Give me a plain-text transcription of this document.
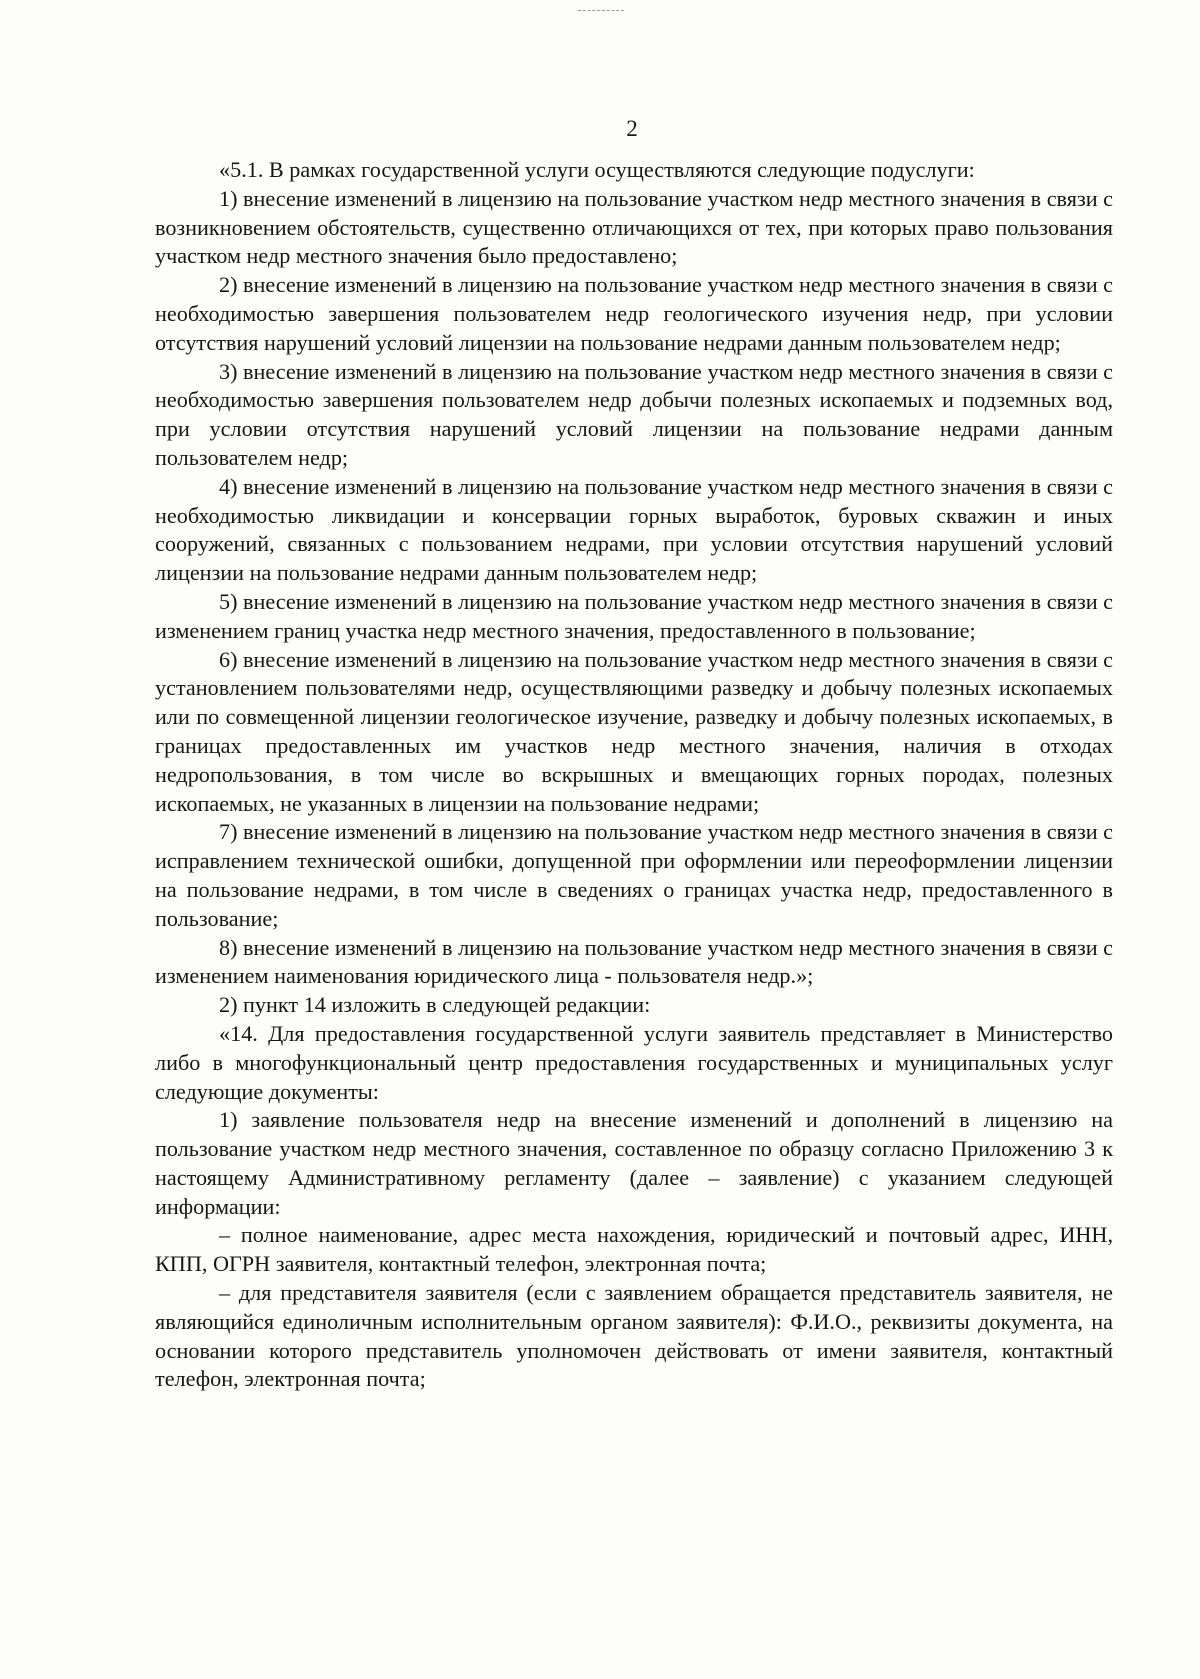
2

«5.1. В рамках государственной услуги осуществляются следующие подуслуги:

1) внесение изменений в лицензию на пользование участком недр местного значения в связи с возникновением обстоятельств, существенно отличающихся от тех, при которых право пользования участком недр местного значения было предоставлено;

2) внесение изменений в лицензию на пользование участком недр местного значения в связи с необходимостью завершения пользователем недр геологического изучения недр, при условии отсутствия нарушений условий лицензии на пользование недрами данным пользователем недр;

3) внесение изменений в лицензию на пользование участком недр местного значения в связи с необходимостью завершения пользователем недр добычи полезных ископаемых и подземных вод, при условии отсутствия нарушений условий лицензии на пользование недрами данным пользователем недр;

4) внесение изменений в лицензию на пользование участком недр местного значения в связи с необходимостью ликвидации и консервации горных выработок, буровых скважин и иных сооружений, связанных с пользованием недрами, при условии отсутствия нарушений условий лицензии на пользование недрами данным пользователем недр;

5) внесение изменений в лицензию на пользование участком недр местного значения в связи с изменением границ участка недр местного значения, предоставленного в пользование;

6) внесение изменений в лицензию на пользование участком недр местного значения в связи с установлением пользователями недр, осуществляющими разведку и добычу полезных ископаемых или по совмещенной лицензии геологическое изучение, разведку и добычу полезных ископаемых, в границах предоставленных им участков недр местного значения, наличия в отходах недропользования, в том числе во вскрышных и вмещающих горных породах, полезных ископаемых, не указанных в лицензии на пользование недрами;

7) внесение изменений в лицензию на пользование участком недр местного значения в связи с исправлением технической ошибки, допущенной при оформлении или переоформлении лицензии на пользование недрами, в том числе в сведениях о границах участка недр, предоставленного в пользование;

8) внесение изменений в лицензию на пользование участком недр местного значения в связи с изменением наименования юридического лица - пользователя недр.»;

2) пункт 14 изложить в следующей редакции:

«14. Для предоставления государственной услуги заявитель представляет в Министерство либо в многофункциональный центр предоставления государственных и муниципальных услуг следующие документы:

1) заявление пользователя недр на внесение изменений и дополнений в лицензию на пользование участком недр местного значения, составленное по образцу согласно Приложению 3 к настоящему Административному регламенту (далее – заявление) с указанием следующей информации:

– полное наименование, адрес места нахождения, юридический и почтовый адрес, ИНН, КПП, ОГРН заявителя, контактный телефон, электронная почта;

– для представителя заявителя (если с заявлением обращается представитель заявителя, не являющийся единоличным исполнительным органом заявителя): Ф.И.О., реквизиты документа, на основании которого представитель уполномочен действовать от имени заявителя, контактный телефон, электронная почта;
